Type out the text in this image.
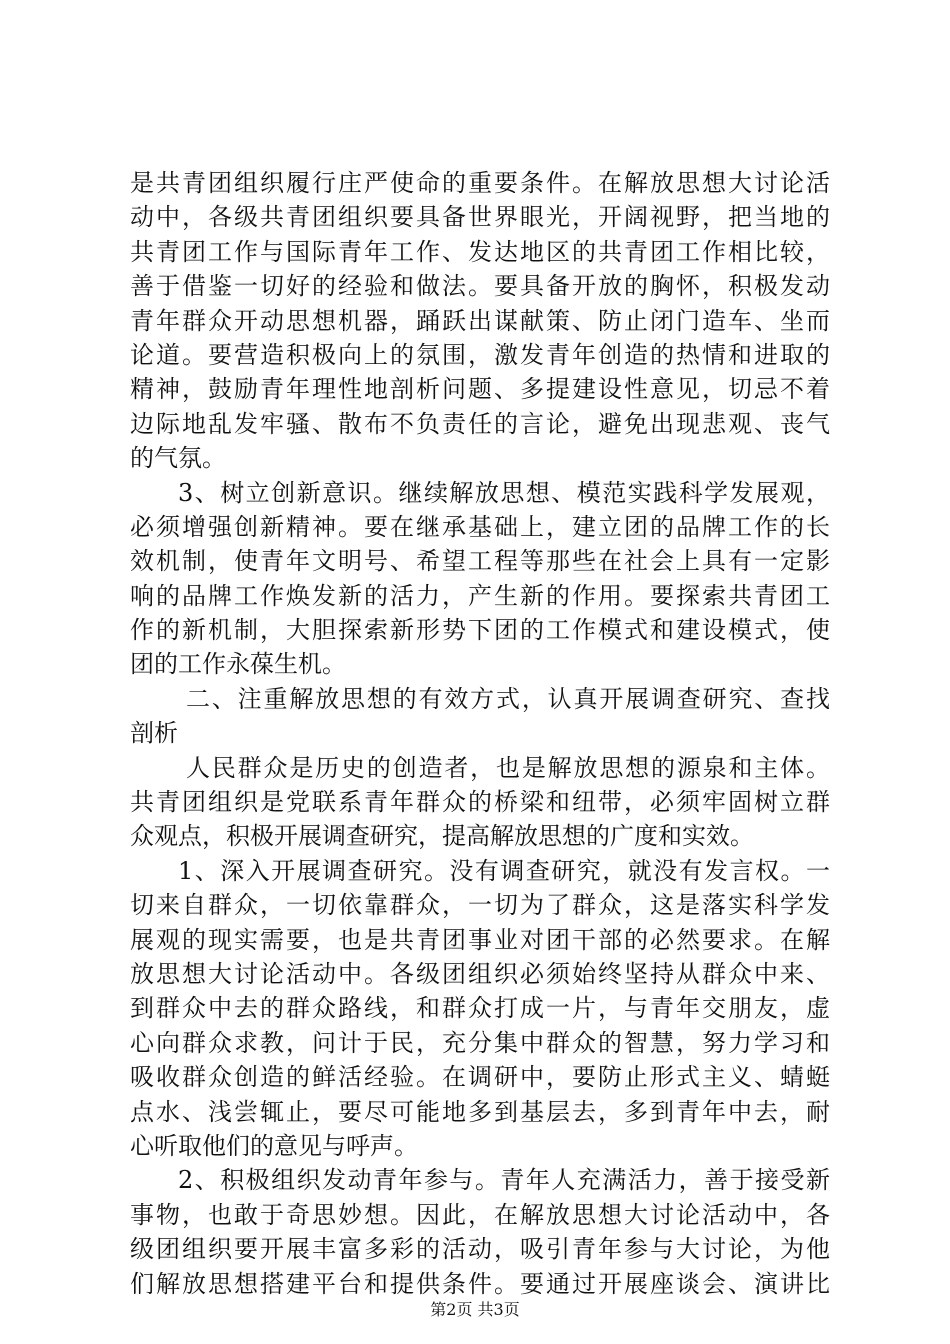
是共青团组织履行庄严使命的重要条件。在解放思想大讨论活
动中，各级共青团组织要具备世界眼光，开阔视野，把当地的
共青团工作与国际青年工作、发达地区的共青团工作相比较，
善于借鉴一切好的经验和做法。要具备开放的胸怀，积极发动
青年群众开动思想机器，踊跃出谋献策、防止闭门造车、坐而
论道。要营造积极向上的氛围，激发青年创造的热情和进取的
精神，鼓励青年理性地剖析问题、多提建设性意见，切忌不着
边际地乱发牢骚、散布不负责任的言论，避免出现悲观、丧气
的气氛。
3、树立创新意识。继续解放思想、模范实践科学发展观，
必须增强创新精神。要在继承基础上，建立团的品牌工作的长
效机制，使青年文明号、希望工程等那些在社会上具有一定影
响的品牌工作焕发新的活力，产生新的作用。要探索共青团工
作的新机制，大胆探索新形势下团的工作模式和建设模式，使
团的工作永葆生机。
二、注重解放思想的有效方式，认真开展调查研究、查找
剖析
人民群众是历史的创造者，也是解放思想的源泉和主体。
共青团组织是党联系青年群众的桥梁和纽带，必须牢固树立群
众观点，积极开展调查研究，提高解放思想的广度和实效。
1、深入开展调查研究。没有调查研究，就没有发言权。一
切来自群众，一切依靠群众，一切为了群众，这是落实科学发
展观的现实需要，也是共青团事业对团干部的必然要求。在解
放思想大讨论活动中。各级团组织必须始终坚持从群众中来、
到群众中去的群众路线，和群众打成一片，与青年交朋友，虚
心向群众求教，问计于民，充分集中群众的智慧，努力学习和
吸收群众创造的鲜活经验。在调研中，要防止形式主义、蜻蜓
点水、浅尝辄止，要尽可能地多到基层去，多到青年中去，耐
心听取他们的意见与呼声。
2、积极组织发动青年参与。青年人充满活力，善于接受新
事物，也敢于奇思妙想。因此，在解放思想大讨论活动中，各
级团组织要开展丰富多彩的活动，吸引青年参与大讨论，为他
们解放思想搭建平台和提供条件。要通过开展座谈会、演讲比
第2页 共3页
